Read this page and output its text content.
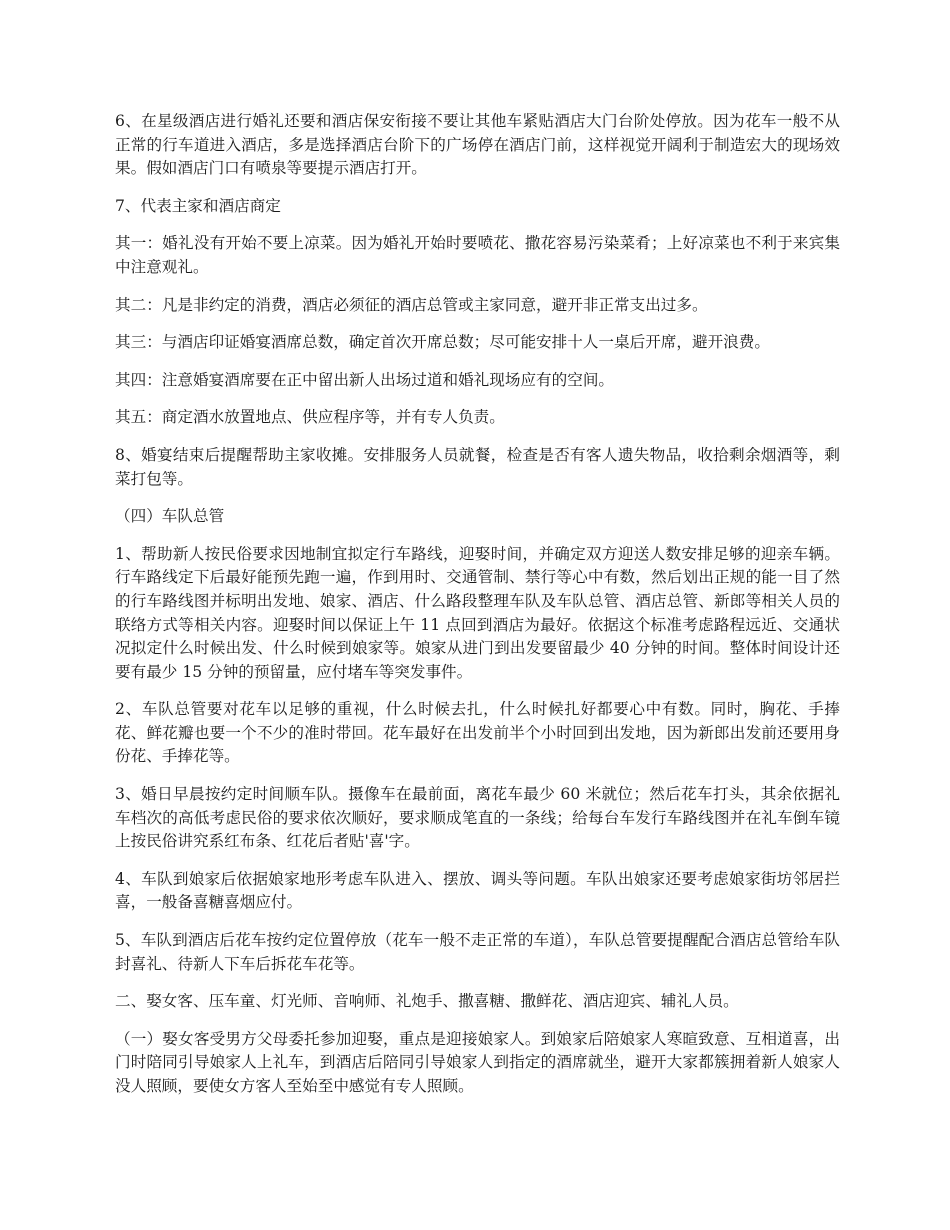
6、在星级酒店进行婚礼还要和酒店保安衔接不要让其他车紧贴酒店大门台阶处停放。因为花车一般不从正常的行车道进入酒店，多是选择酒店台阶下的广场停在酒店门前，这样视觉开阔利于制造宏大的现场效果。假如酒店门口有喷泉等要提示酒店打开。

7、代表主家和酒店商定

其一：婚礼没有开始不要上凉菜。因为婚礼开始时要喷花、撒花容易污染菜肴；上好凉菜也不利于来宾集中注意观礼。

其二：凡是非约定的消费，酒店必须征的酒店总管或主家同意，避开非正常支出过多。

其三：与酒店印证婚宴酒席总数，确定首次开席总数；尽可能安排十人一桌后开席，避开浪费。

其四：注意婚宴酒席要在正中留出新人出场过道和婚礼现场应有的空间。

其五：商定酒水放置地点、供应程序等，并有专人负责。

8、婚宴结束后提醒帮助主家收摊。安排服务人员就餐，检查是否有客人遗失物品，收拾剩余烟酒等，剩菜打包等。

（四）车队总管

1、帮助新人按民俗要求因地制宜拟定行车路线，迎娶时间，并确定双方迎送人数安排足够的迎亲车辆。行车路线定下后最好能预先跑一遍，作到用时、交通管制、禁行等心中有数，然后划出正规的能一目了然的行车路线图并标明出发地、娘家、酒店、什么路段整理车队及车队总管、酒店总管、新郎等相关人员的联络方式等相关内容。迎娶时间以保证上午 11 点回到酒店为最好。依据这个标准考虑路程远近、交通状况拟定什么时候出发、什么时候到娘家等。娘家从进门到出发要留最少 40 分钟的时间。整体时间设计还要有最少 15 分钟的预留量，应付堵车等突发事件。

2、车队总管要对花车以足够的重视，什么时候去扎，什么时候扎好都要心中有数。同时，胸花、手捧花、鲜花瓣也要一个不少的准时带回。花车最好在出发前半个小时回到出发地，因为新郎出发前还要用身份花、手捧花等。

3、婚日早晨按约定时间顺车队。摄像车在最前面，离花车最少 60 米就位；然后花车打头，其余依据礼车档次的高低考虑民俗的要求依次顺好，要求顺成笔直的一条线；给每台车发行车路线图并在礼车倒车镜上按民俗讲究系红布条、红花后者贴'喜'字。

4、车队到娘家后依据娘家地形考虑车队进入、摆放、调头等问题。车队出娘家还要考虑娘家街坊邻居拦喜，一般备喜糖喜烟应付。

5、车队到酒店后花车按约定位置停放（花车一般不走正常的车道），车队总管要提醒配合酒店总管给车队封喜礼、待新人下车后拆花车花等。

二、娶女客、压车童、灯光师、音响师、礼炮手、撒喜糖、撒鲜花、酒店迎宾、辅礼人员。

（一）娶女客受男方父母委托参加迎娶，重点是迎接娘家人。到娘家后陪娘家人寒暄致意、互相道喜，出门时陪同引导娘家人上礼车，到酒店后陪同引导娘家人到指定的酒席就坐，避开大家都簇拥着新人娘家人没人照顾，要使女方客人至始至中感觉有专人照顾。
